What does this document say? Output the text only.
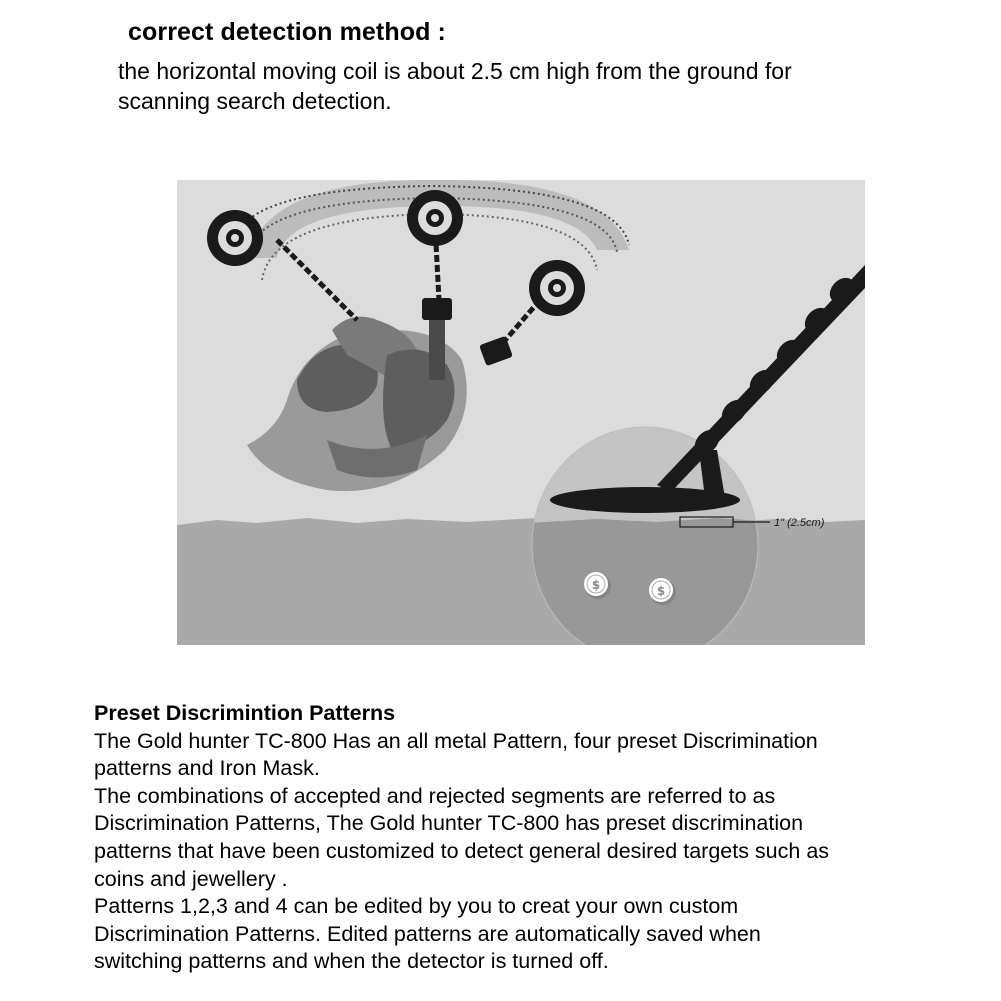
correct detection method :
the horizontal moving coil is about 2.5 cm high from the ground for
scanning search detection.
1" (2.5cm)
$	$
Preset Discrimintion Patterns
The Gold hunter TC-800 Has an all metal Pattern, four preset Discrimination
patterns and Iron Mask.
The combinations of accepted and rejected segments are referred to as
Discrimination Patterns, The Gold hunter TC-800 has preset discrimination
patterns that have been customized to detect general desired targets such as
coins and jewellery .
Patterns 1,2,3 and 4 can be edited by you to creat your own custom
Discrimination Patterns. Edited patterns are automatically saved when
switching patterns and when the detector is turned off.
